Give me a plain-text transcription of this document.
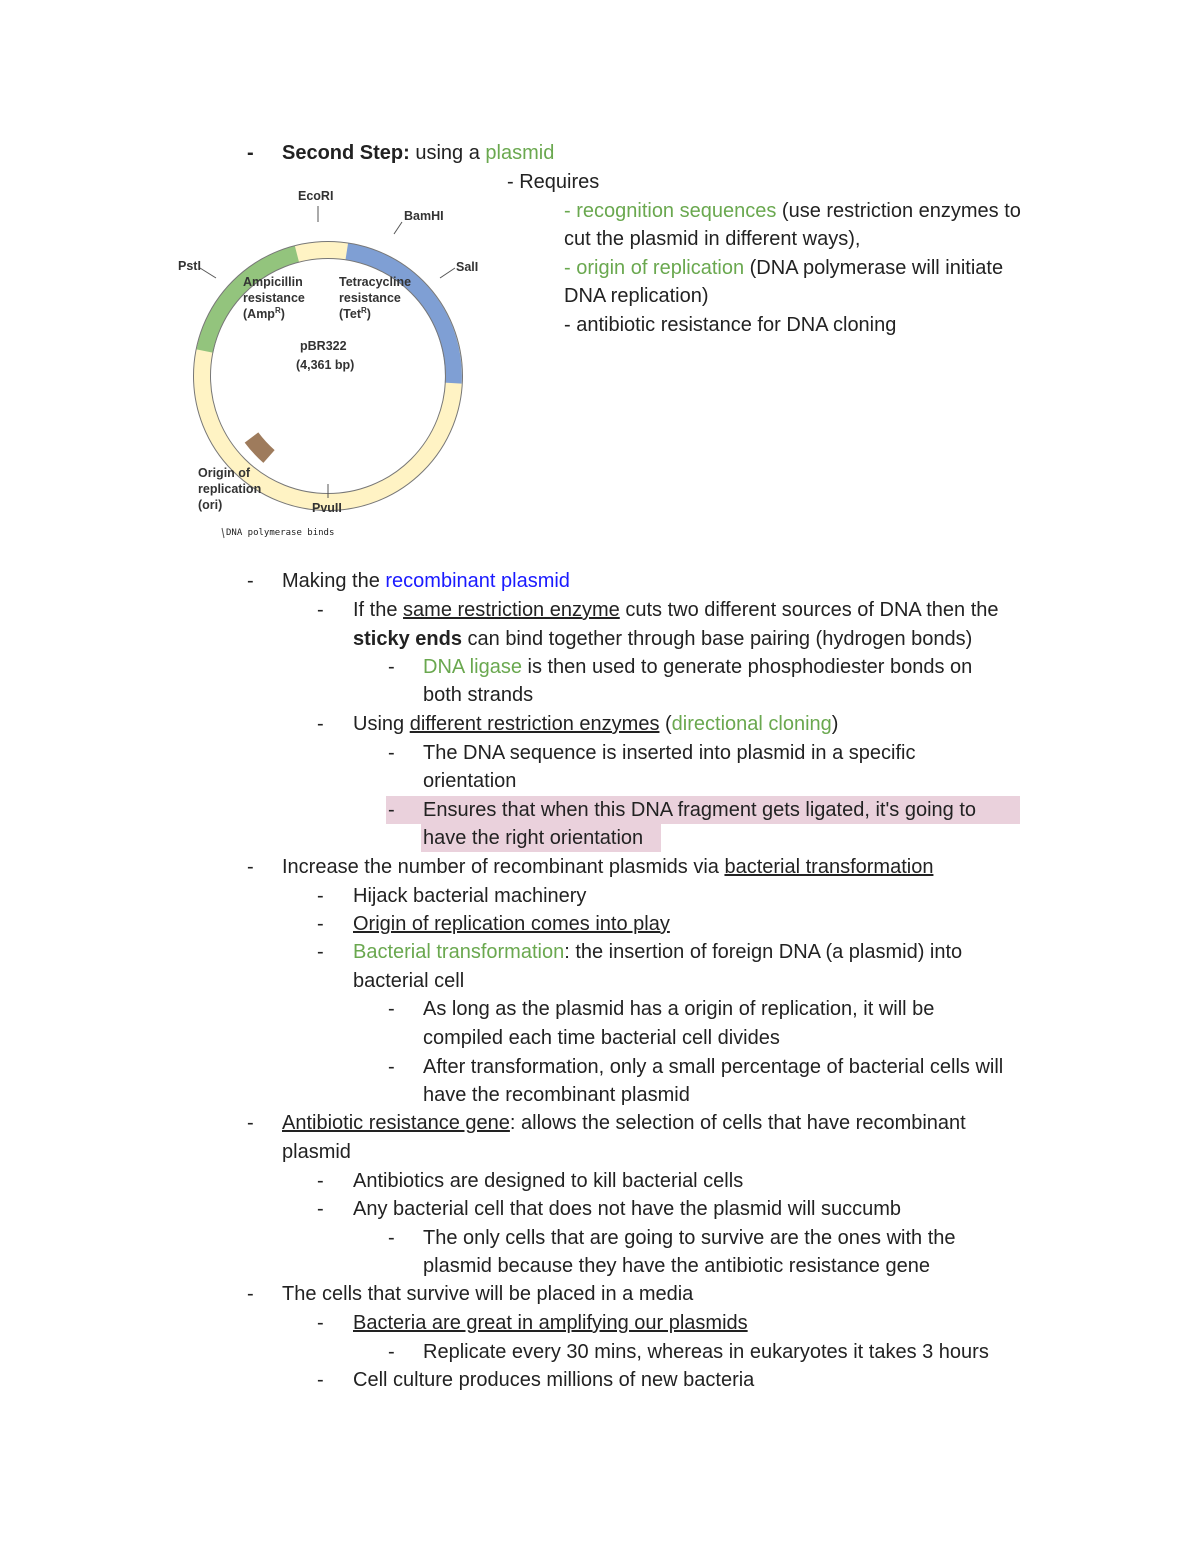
- Second Step: using a plasmid
- Requires
- recognition sequences (use restriction enzymes to
cut the plasmid in different ways),
- origin of replication (DNA polymerase will initiate
DNA replication)
- antibiotic resistance for DNA cloning
EcoRI
BamHI
SalI
PstI
PvuII
Ampicillin
resistance
(Amp$^R$)
Tetracycline
resistance
(Tet$^R$)
pBR322
(4,361 bp)
Origin of
replication
(ori)
DNA polymerase binds
- Making the recombinant plasmid
- If the same restriction enzyme cuts two different sources of DNA then the
sticky ends can bind together through base pairing (hydrogen bonds)
- DNA ligase is then used to generate phosphodiester bonds on
both strands
- Using different restriction enzymes (directional cloning)
- The DNA sequence is inserted into plasmid in a specific
orientation
- Ensures that when this DNA fragment gets ligated, it's going to
have the right orientation
- Increase the number of recombinant plasmids via bacterial transformation
- Hijack bacterial machinery
- Origin of replication comes into play
- Bacterial transformation: the insertion of foreign DNA (a plasmid) into
bacterial cell
- As long as the plasmid has a origin of replication, it will be
compiled each time bacterial cell divides
- After transformation, only a small percentage of bacterial cells will
have the recombinant plasmid
- Antibiotic resistance gene: allows the selection of cells that have recombinant
plasmid
- Antibiotics are designed to kill bacterial cells
- Any bacterial cell that does not have the plasmid will succumb
- The only cells that are going to survive are the ones with the
plasmid because they have the antibiotic resistance gene
- The cells that survive will be placed in a media
- Bacteria are great in amplifying our plasmids
- Replicate every 30 mins, whereas in eukaryotes it takes 3 hours
- Cell culture produces millions of new bacteria
